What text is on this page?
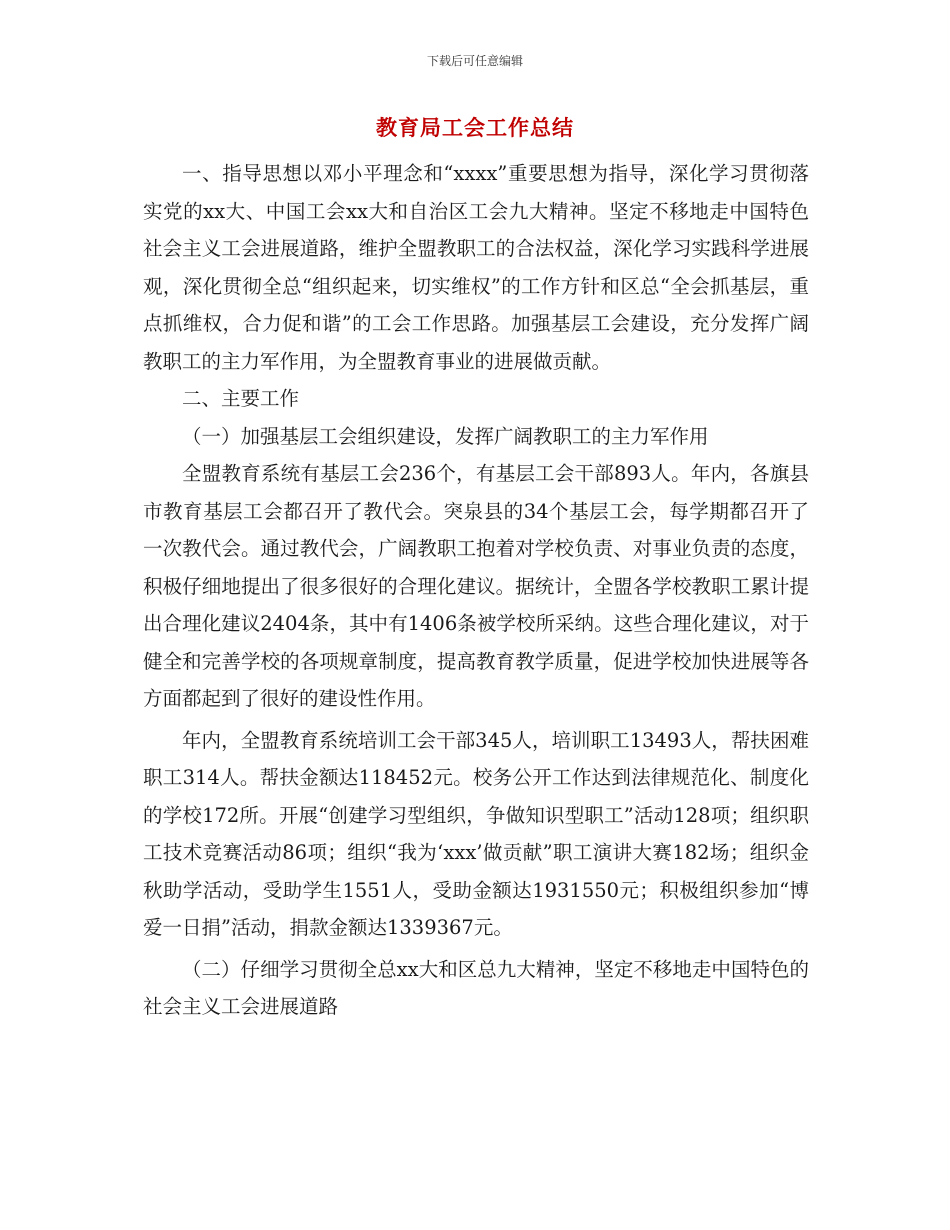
下载后可任意编辑
教育局工会工作总结

一、指导思想以邓小平理念和“xxxx”重要思想为指导，深化学习贯彻落实党的xx大、中国工会xx大和自治区工会九大精神。坚定不移地走中国特色社会主义工会进展道路，维护全盟教职工的合法权益，深化学习实践科学进展观，深化贯彻全总“组织起来，切实维权”的工作方针和区总“全会抓基层，重点抓维权，合力促和谐”的工会工作思路。加强基层工会建设，充分发挥广阔教职工的主力军作用，为全盟教育事业的进展做贡献。

二、主要工作

（一）加强基层工会组织建设，发挥广阔教职工的主力军作用

全盟教育系统有基层工会236个，有基层工会干部893人。年内，各旗县市教育基层工会都召开了教代会。突泉县的34个基层工会，每学期都召开了一次教代会。通过教代会，广阔教职工抱着对学校负责、对事业负责的态度，积极仔细地提出了很多很好的合理化建议。据统计，全盟各学校教职工累计提出合理化建议2404条，其中有1406条被学校所采纳。这些合理化建议，对于健全和完善学校的各项规章制度，提高教育教学质量，促进学校加快进展等各方面都起到了很好的建设性作用。

年内，全盟教育系统培训工会干部345人，培训职工13493人，帮扶困难职工314人。帮扶金额达118452元。校务公开工作达到法律规范化、制度化的学校172所。开展“创建学习型组织，争做知识型职工”活动128项；组织职工技术竞赛活动86项；组织“我为‘xxx’做贡献”职工演讲大赛182场；组织金秋助学活动，受助学生1551人，受助金额达1931550元；积极组织参加“博爱一日捐”活动，捐款金额达1339367元。

（二）仔细学习贯彻全总xx大和区总九大精神，坚定不移地走中国特色的社会主义工会进展道路
